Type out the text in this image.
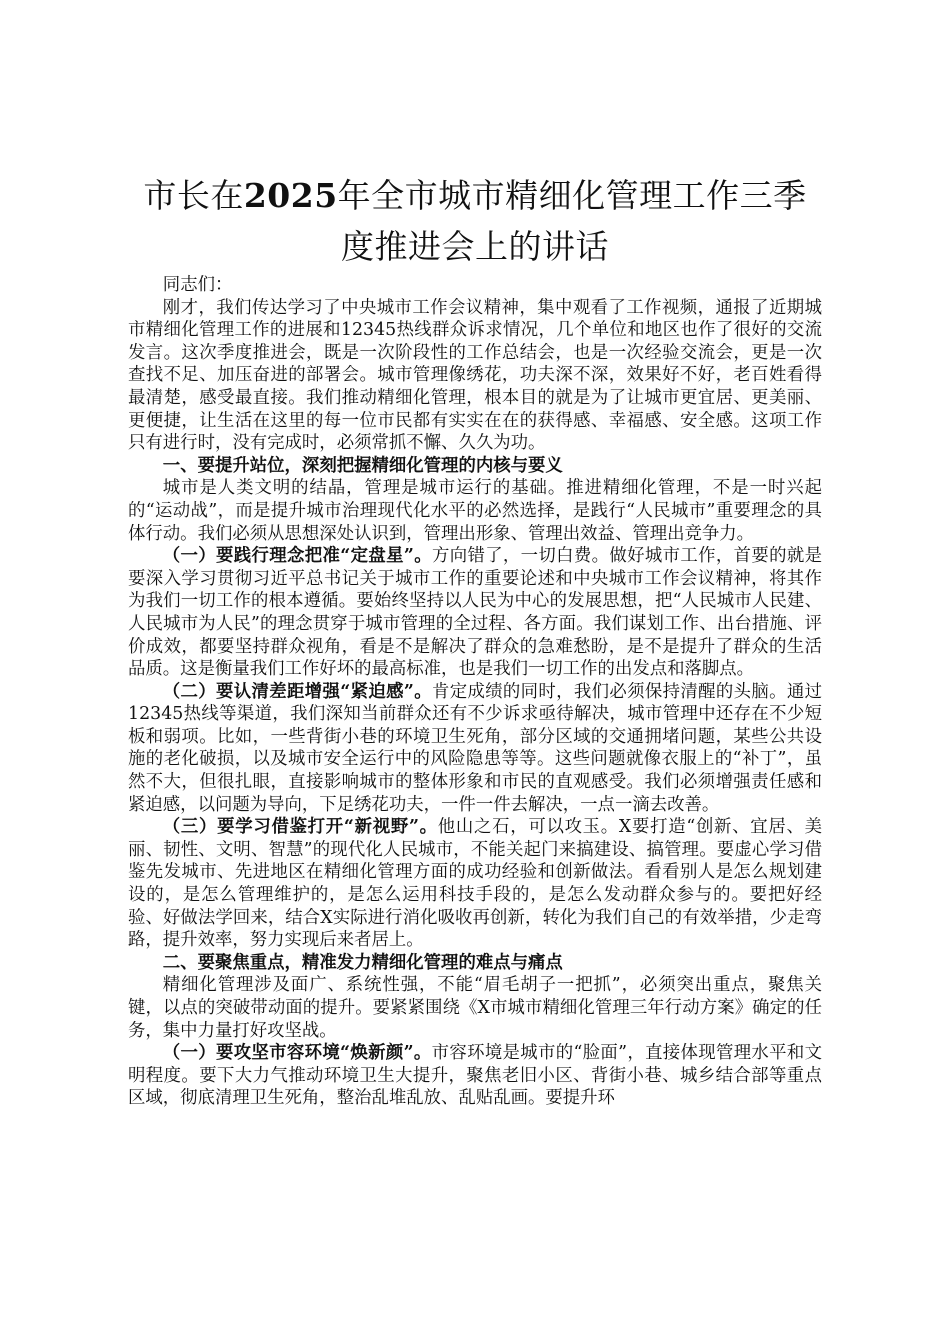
市长在2025年全市城市精细化管理工作三季度推进会上的讲话

同志们：

刚才，我们传达学习了中央城市工作会议精神，集中观看了工作视频，通报了近期城市精细化管理工作的进展和12345热线群众诉求情况，几个单位和地区也作了很好的交流发言。这次季度推进会，既是一次阶段性的工作总结会，也是一次经验交流会，更是一次查找不足、加压奋进的部署会。城市管理像绣花，功夫深不深，效果好不好，老百姓看得最清楚，感受最直接。我们推动精细化管理，根本目的就是为了让城市更宜居、更美丽、更便捷，让生活在这里的每一位市民都有实实在在的获得感、幸福感、安全感。这项工作只有进行时，没有完成时，必须常抓不懈、久久为功。

一、要提升站位，深刻把握精细化管理的内核与要义

城市是人类文明的结晶，管理是城市运行的基础。推进精细化管理，不是一时兴起的“运动战”，而是提升城市治理现代化水平的必然选择，是践行“人民城市”重要理念的具体行动。我们必须从思想深处认识到，管理出形象、管理出效益、管理出竞争力。

（一）要践行理念把准“定盘星”。方向错了，一切白费。做好城市工作，首要的就是要深入学习贯彻习近平总书记关于城市工作的重要论述和中央城市工作会议精神，将其作为我们一切工作的根本遵循。要始终坚持以人民为中心的发展思想，把“人民城市人民建、人民城市为人民”的理念贯穿于城市管理的全过程、各方面。我们谋划工作、出台措施、评价成效，都要坚持群众视角，看是不是解决了群众的急难愁盼，是不是提升了群众的生活品质。这是衡量我们工作好坏的最高标准，也是我们一切工作的出发点和落脚点。

（二）要认清差距增强“紧迫感”。肯定成绩的同时，我们必须保持清醒的头脑。通过12345热线等渠道，我们深知当前群众还有不少诉求亟待解决，城市管理中还存在不少短板和弱项。比如，一些背街小巷的环境卫生死角，部分区域的交通拥堵问题，某些公共设施的老化破损，以及城市安全运行中的风险隐患等等。这些问题就像衣服上的“补丁”，虽然不大，但很扎眼，直接影响城市的整体形象和市民的直观感受。我们必须增强责任感和紧迫感，以问题为导向，下足绣花功夫，一件一件去解决，一点一滴去改善。

（三）要学习借鉴打开“新视野”。他山之石，可以攻玉。X要打造“创新、宜居、美丽、韧性、文明、智慧”的现代化人民城市，不能关起门来搞建设、搞管理。要虚心学习借鉴先发城市、先进地区在精细化管理方面的成功经验和创新做法。看看别人是怎么规划建设的，是怎么管理维护的，是怎么运用科技手段的，是怎么发动群众参与的。要把好经验、好做法学回来，结合X实际进行消化吸收再创新，转化为我们自己的有效举措，少走弯路，提升效率，努力实现后来者居上。

二、要聚焦重点，精准发力精细化管理的难点与痛点

精细化管理涉及面广、系统性强，不能“眉毛胡子一把抓”，必须突出重点，聚焦关键，以点的突破带动面的提升。要紧紧围绕《X市城市精细化管理三年行动方案》确定的任务，集中力量打好攻坚战。

（一）要攻坚市容环境“焕新颜”。市容环境是城市的“脸面”，直接体现管理水平和文明程度。要下大力气推动环境卫生大提升，聚焦老旧小区、背街小巷、城乡结合部等重点区域，彻底清理卫生死角，整治乱堆乱放、乱贴乱画。要提升环
